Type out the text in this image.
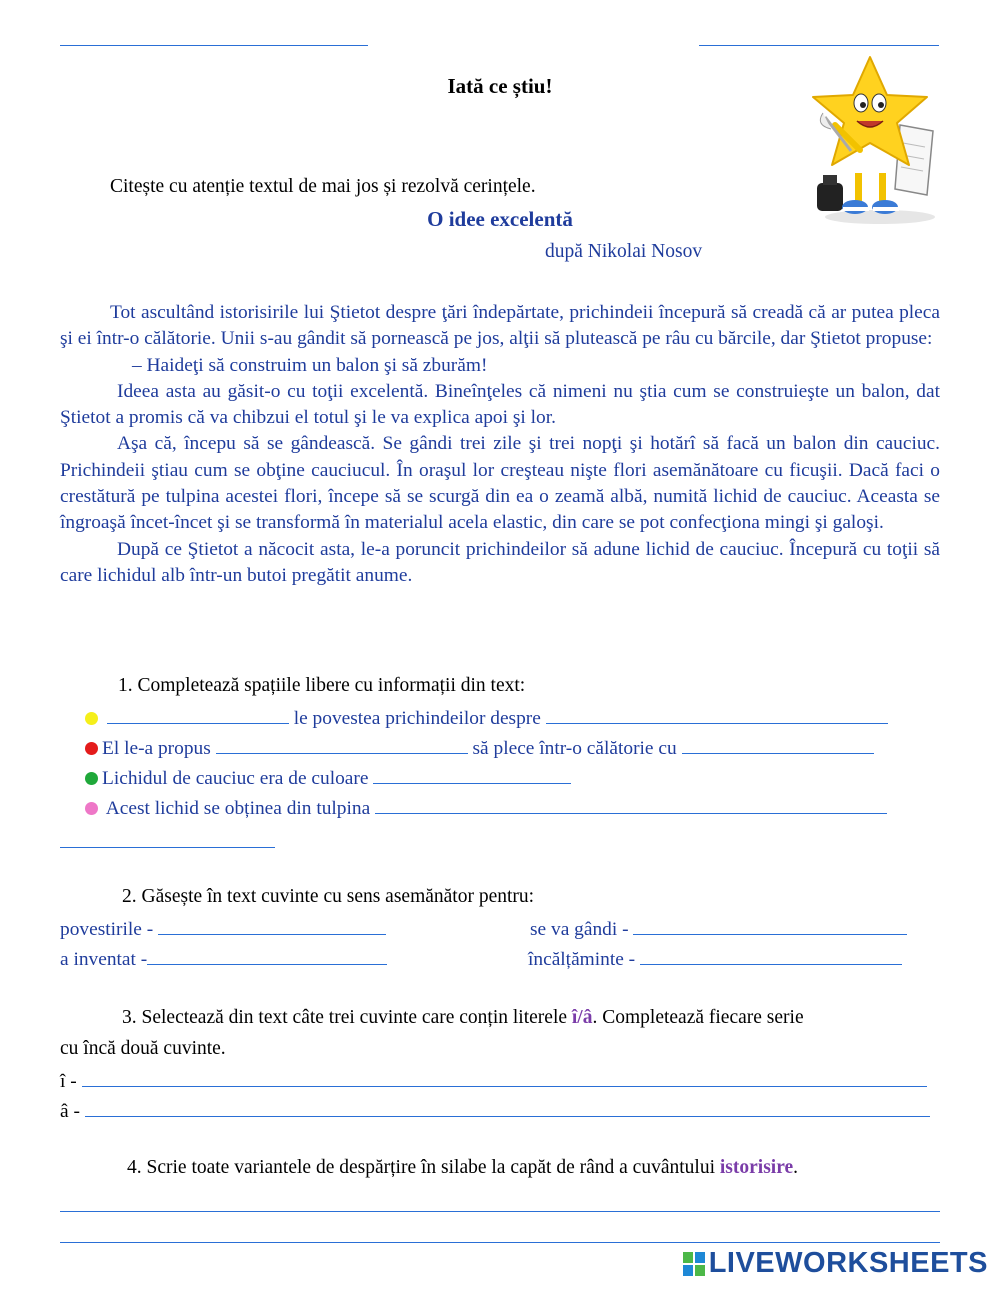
Iată ce știu!
Citește cu atenție textul de mai jos și rezolvă cerințele.
O idee excelentă
după Nikolai Nosov

Tot ascultând istorisirile lui Ştietot despre ţări îndepărtate, prichindeii începură să creadă că ar putea pleca şi ei într-o călătorie. Unii s-au gândit să pornească pe jos, alţii să plutească pe râu cu bărcile, dar Ştietot propuse:

– Haideţi să construim un balon şi să zburăm!

Ideea asta au găsit-o cu toţii excelentă. Bineînţeles că nimeni nu ştia cum se construieşte un balon, dat Ştietot a promis că va chibzui el totul şi le va explica apoi şi lor.

Aşa că, începu să se gândească. Se gândi trei zile şi trei nopţi şi hotărî să facă un balon din cauciuc. Prichindeii ştiau cum se obţine cauciucul. În oraşul lor creşteau nişte flori asemănătoare cu ficuşii. Dacă faci o crestătură pe tulpina acestei flori, începe să se scurgă din ea o zeamă albă, numită lichid de cauciuc. Aceasta se îngroaşă încet-încet şi se transformă în materialul acela elastic, din care se pot confecţiona mingi şi galoşi.

După ce Ştietot a năcocit asta, le-a poruncit prichindeilor să adune lichid de cauciuc. Începură cu toţii să care lichidul alb într-un butoi pregătit anume.

1. Completează spațiile libere cu informații din text:
le povestea prichindeilor despre
El le-a propus	să plece într-o călătorie cu
Lichidul de cauciuc era de culoare
Acest lichid se obținea din tulpina
2. Găsește în text cuvinte cu sens asemănător pentru:
povestirile -	se va gândi -
a inventat -	încălțăminte -
3. Selectează din text câte trei cuvinte care conțin literele î/â. Completează fiecare serie
cu încă două cuvinte.
î -
â -
4. Scrie toate variantele de despărțire în silabe la capăt de rând a cuvântului istorisire.
LIVEWORKSHEETS
